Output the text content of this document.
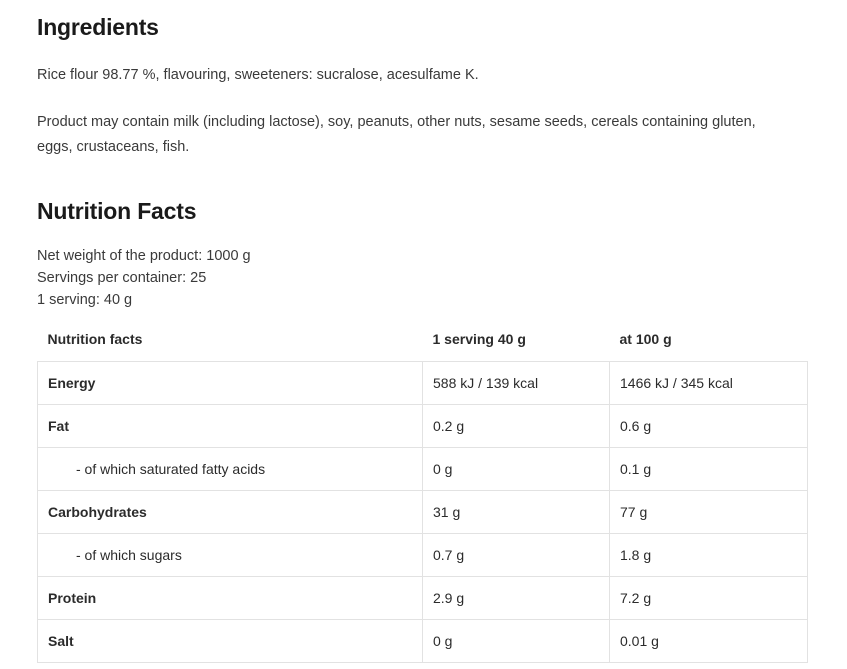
Ingredients

Rice flour 98.77 %, flavouring, sweeteners: sucralose, acesulfame K.

Product may contain milk (including lactose), soy, peanuts, other nuts, sesame seeds, cereals containing gluten, eggs, crustaceans, fish.

Nutrition Facts
Net weight of the product: 1000 g
Servings per container: 25
1 serving: 40 g
Nutrition facts	1 serving 40 g	at 100 g
Energy	588 kJ / 139 kcal	1466 kJ / 345 kcal
Fat	0.2 g	0.6 g
- of which saturated fatty acids	0 g	0.1 g
Carbohydrates	31 g	77 g
- of which sugars	0.7 g	1.8 g
Protein	2.9 g	7.2 g
Salt	0 g	0.01 g
